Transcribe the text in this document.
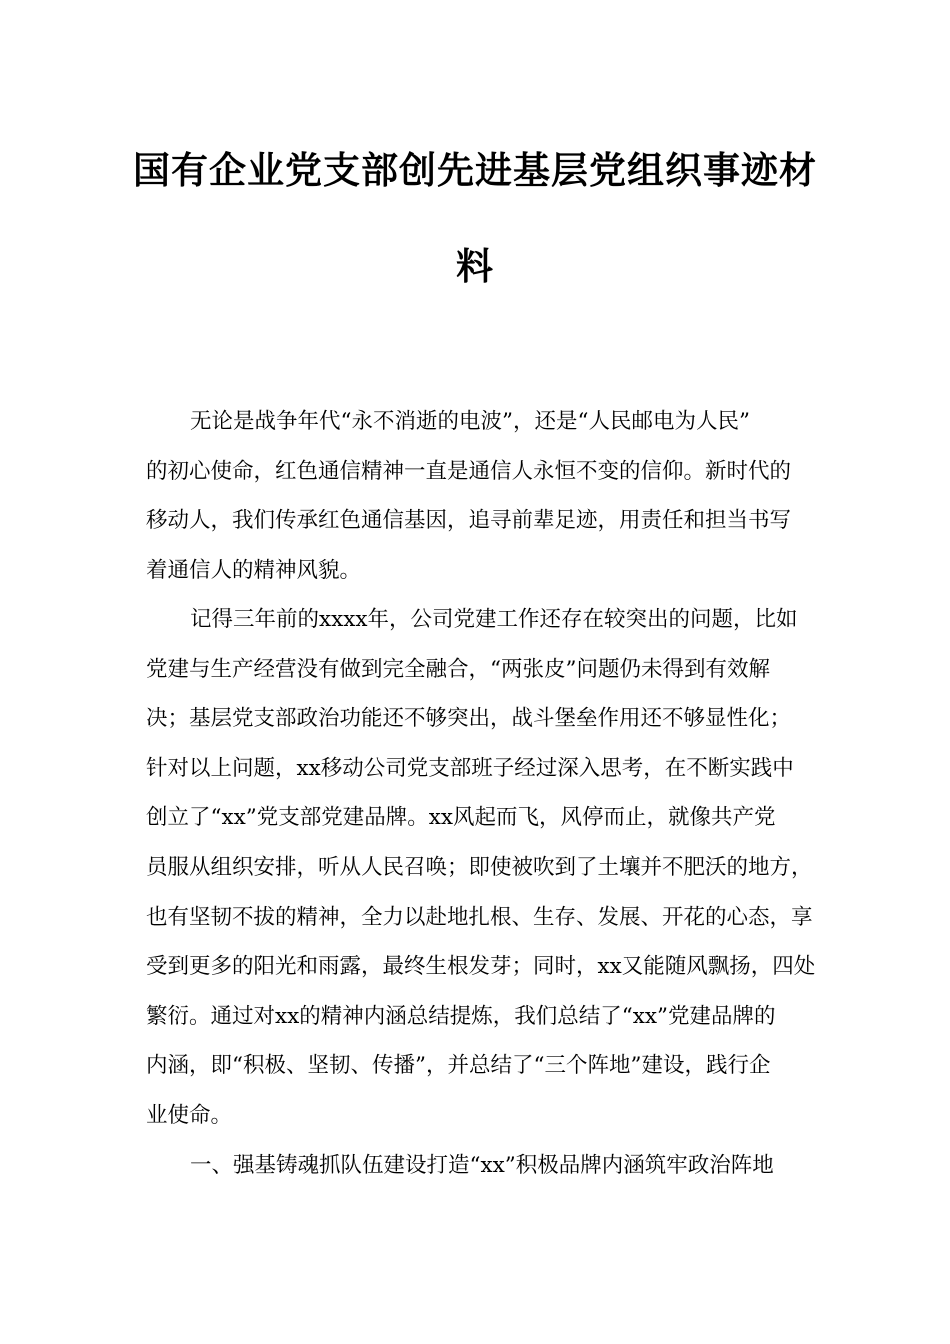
国有企业党支部创先进基层党组织事迹材
料
无论是战争年代“永不消逝的电波”，还是“人民邮电为人民”
的初心使命，红色通信精神一直是通信人永恒不变的信仰。新时代的
移动人，我们传承红色通信基因，追寻前辈足迹，用责任和担当书写
着通信人的精神风貌。
记得三年前的xxxx年，公司党建工作还存在较突出的问题，比如
党建与生产经营没有做到完全融合，“两张皮”问题仍未得到有效解
决；基层党支部政治功能还不够突出，战斗堡垒作用还不够显性化；
针对以上问题，xx移动公司党支部班子经过深入思考，在不断实践中
创立了“xx”党支部党建品牌。xx风起而飞，风停而止，就像共产党
员服从组织安排，听从人民召唤；即使被吹到了土壤并不肥沃的地方，
也有坚韧不拔的精神，全力以赴地扎根、生存、发展、开花的心态，享
受到更多的阳光和雨露，最终生根发芽；同时，xx又能随风飘扬，四处
繁衍。通过对xx的精神内涵总结提炼，我们总结了“xx”党建品牌的
内涵，即“积极、坚韧、传播”，并总结了“三个阵地”建设，践行企
业使命。
一、强基铸魂抓队伍建设打造“xx”积极品牌内涵筑牢政治阵地
